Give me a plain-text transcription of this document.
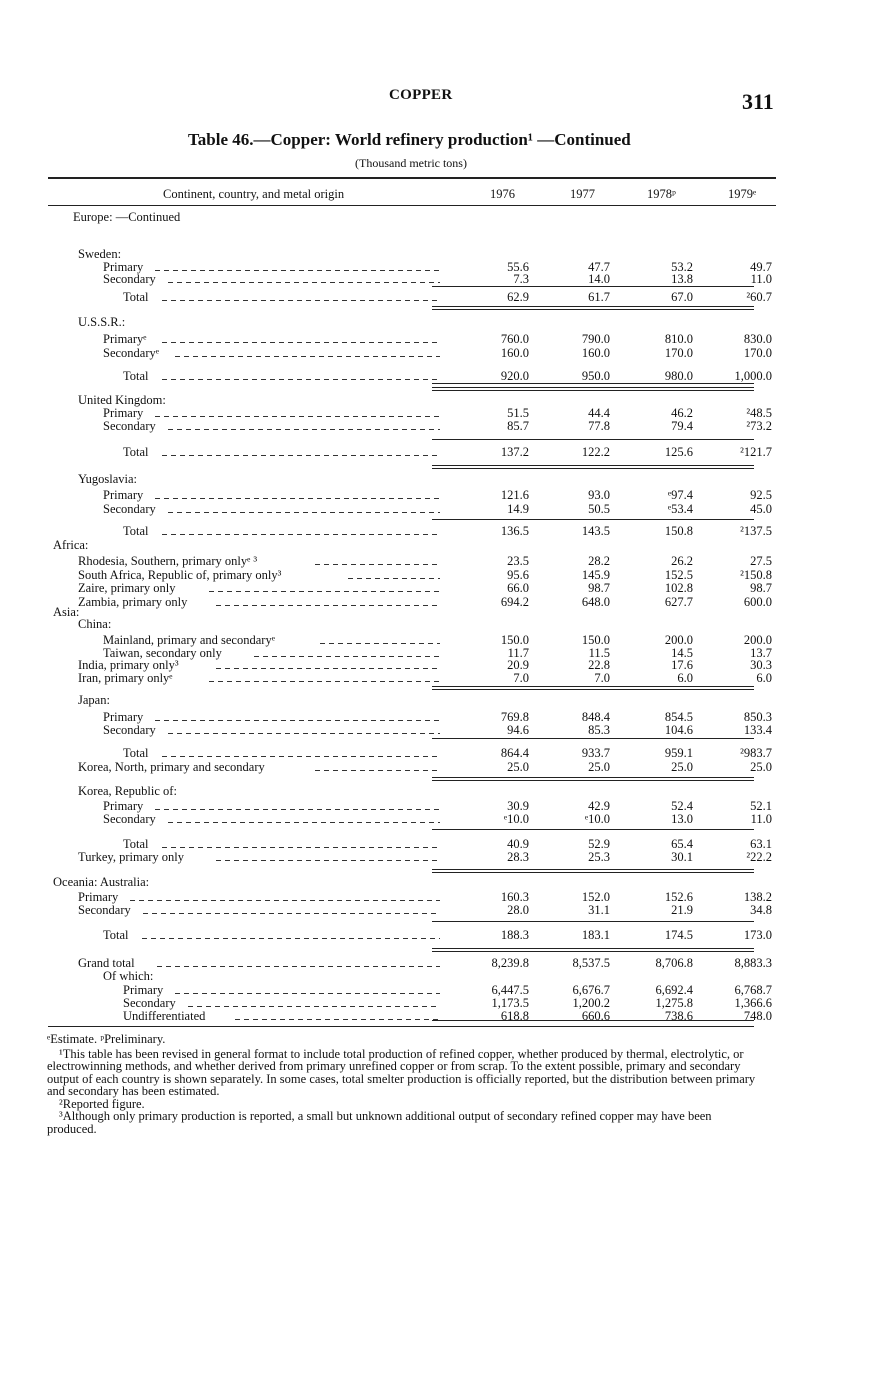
COPPER	311
Table 46.—Copper: World refinery production¹ —Continued
(Thousand metric tons)
Continent, country, and metal origin	1976	1977	1978ᵖ	1979ᵉ
Europe: —Continued
Sweden:
Primary	55.6	47.7	53.2	49.7
Secondary	7.3	14.0	13.8	11.0
Total	62.9	61.7	67.0	²60.7
U.S.S.R.:
Primaryᵉ	760.0	790.0	810.0	830.0
Secondaryᵉ	160.0	160.0	170.0	170.0
Total	920.0	950.0	980.0	1,000.0
United Kingdom:
Primary	51.5	44.4	46.2	²48.5
Secondary	85.7	77.8	79.4	²73.2
Total	137.2	122.2	125.6	²121.7
Yugoslavia:
Primary	121.6	93.0	ᵉ97.4	92.5
Secondary	14.9	50.5	ᵉ53.4	45.0
Total	136.5	143.5	150.8	²137.5
Africa:
Rhodesia, Southern, primary onlyᵉ ³	23.5	28.2	26.2	27.5
South Africa, Republic of, primary only³	95.6	145.9	152.5	²150.8
Zaire, primary only	66.0	98.7	102.8	98.7
Zambia, primary only	694.2	648.0	627.7	600.0
Asia:
China:
Mainland, primary and secondaryᵉ	150.0	150.0	200.0	200.0
Taiwan, secondary only	11.7	11.5	14.5	13.7
India, primary only³	20.9	22.8	17.6	30.3
Iran, primary onlyᵉ	7.0	7.0	6.0	6.0
Japan:
Primary	769.8	848.4	854.5	850.3
Secondary	94.6	85.3	104.6	133.4
Total	864.4	933.7	959.1	²983.7
Korea, North, primary and secondary	25.0	25.0	25.0	25.0
Korea, Republic of:
Primary	30.9	42.9	52.4	52.1
Secondary	ᵉ10.0	ᵉ10.0	13.0	11.0
Total	40.9	52.9	65.4	63.1
Turkey, primary only	28.3	25.3	30.1	²22.2
Oceania: Australia:
Primary	160.3	152.0	152.6	138.2
Secondary	28.0	31.1	21.9	34.8
Total	188.3	183.1	174.5	173.0
Grand total	8,239.8	8,537.5	8,706.8	8,883.3
Of which:
Primary	6,447.5	6,676.7	6,692.4	6,768.7
Secondary	1,173.5	1,200.2	1,275.8	1,366.6
Undifferentiated	618.8	660.6	738.6	748.0

ᵉEstimate. ᵖPreliminary.

¹This table has been revised in general format to include total production of refined copper, whether produced by thermal, electrolytic, or electrowinning methods, and whether derived from primary unrefined copper or from scrap. To the extent possible, primary and secondary output of each country is shown separately. In some cases, total smelter production is officially reported, but the distribution between primary and secondary has been estimated.

²Reported figure.

³Although only primary production is reported, a small but unknown additional output of secondary refined copper may have been produced.
